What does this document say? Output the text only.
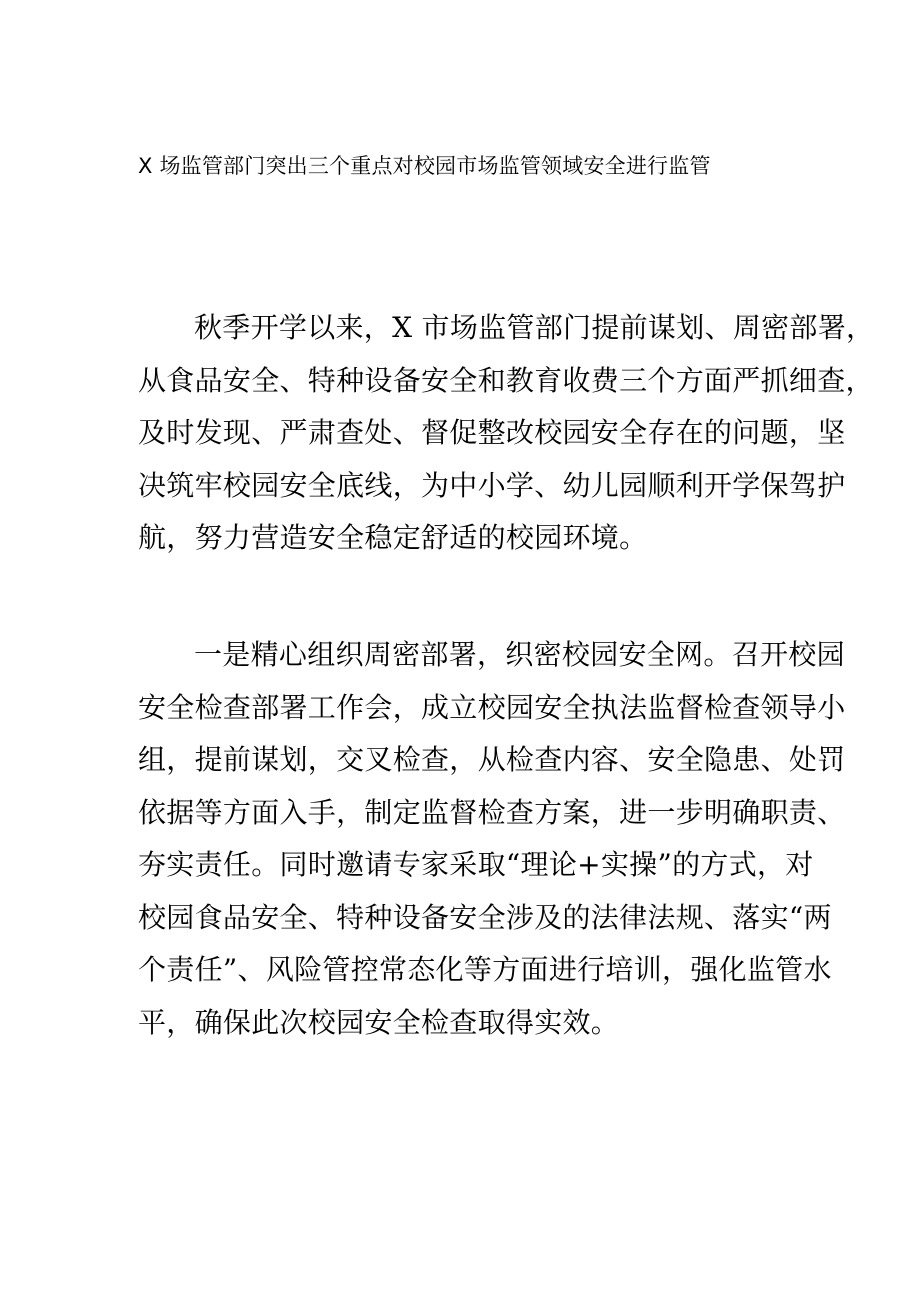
X 场监管部门突出三个重点对校园市场监管领域安全进行监管
秋季开学以来，X 市场监管部门提前谋划、周密部署，
从食品安全、特种设备安全和教育收费三个方面严抓细查，
及时发现、严肃查处、督促整改校园安全存在的问题，坚
决筑牢校园安全底线，为中小学、幼儿园顺利开学保驾护
航，努力营造安全稳定舒适的校园环境。
一是精心组织周密部署，织密校园安全网。召开校园
安全检查部署工作会，成立校园安全执法监督检查领导小
组，提前谋划，交叉检查，从检查内容、安全隐患、处罚
依据等方面入手，制定监督检查方案，进一步明确职责、
夯实责任。同时邀请专家采取“理论+实操”的方式，对
校园食品安全、特种设备安全涉及的法律法规、落实“两
个责任”、风险管控常态化等方面进行培训，强化监管水
平，确保此次校园安全检查取得实效。
